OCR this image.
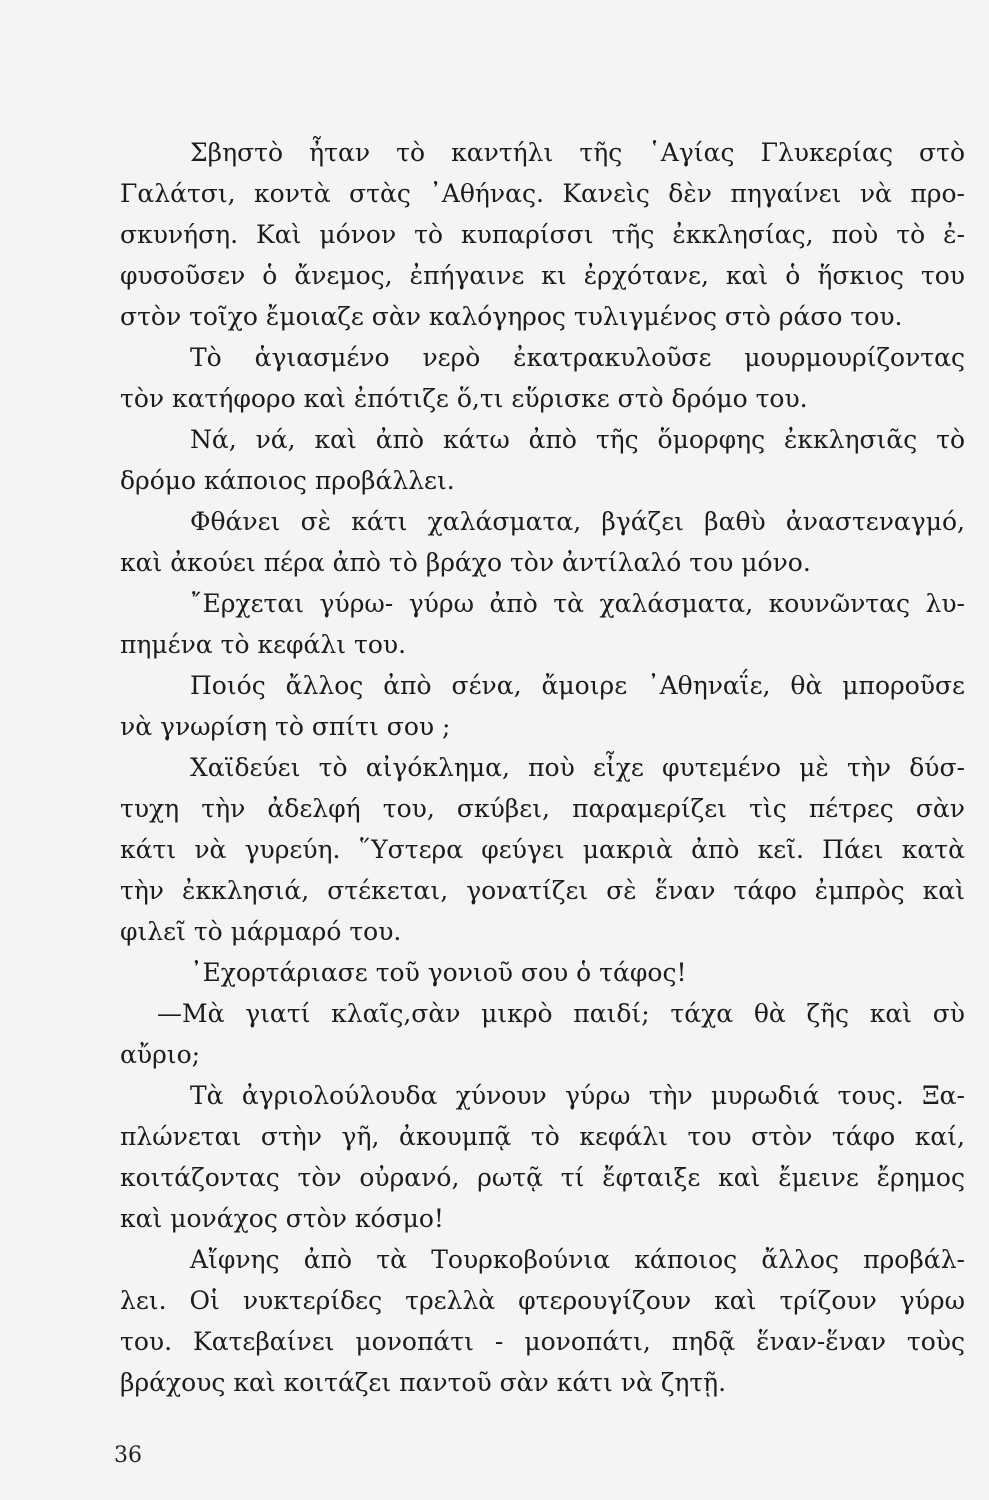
Σβηστὸ ἦταν τὸ καντήλι τῆς ῾Αγίας Γλυκερίας στὸ
Γαλάτσι, κοντὰ στὰς ᾿Αθήνας. Κανεὶς δὲν πηγαίνει νὰ προ-
σκυνήση. Καὶ μόνον τὸ κυπαρίσσι τῆς ἐκκλησίας, ποὺ τὸ ἐ-
φυσοῦσεν ὁ ἄνεμος, ἐπήγαινε κι ἐρχότανε, καὶ ὁ ἥσκιος του
στὸν τοῖχο ἔμοιαζε σὰν καλόγηρος τυλιγμένος στὸ ράσο του.

Τὸ ἁγιασμένο νερὸ ἐκατρακυλοῦσε μουρμουρίζοντας
τὸν κατήφορο καὶ ἐπότιζε ὅ,τι εὕρισκε στὸ δρόμο του.

Νά, νά, καὶ ἀπὸ κάτω ἀπὸ τῆς ὅμορφης ἐκκλησιᾶς τὸ
δρόμο κάποιος προβάλλει.

Φθάνει σὲ κάτι χαλάσματα, βγάζει βαθὺ ἀναστεναγμό,
καὶ ἀκούει πέρα ἀπὸ τὸ βράχο τὸν ἀντίλαλό του μόνο.

῎Ερχεται γύρω- γύρω ἀπὸ τὰ χαλάσματα, κουνῶντας λυ-
πημένα τὸ κεφάλι του.

Ποιός ἄλλος ἀπὸ σένα, ἄμοιρε ᾿Αθηναΐε, θὰ μποροῦσε
νὰ γνωρίση τὸ σπίτι σου ;

Χαϊδεύει τὸ αἰγόκλημα, ποὺ εἶχε φυτεμένο μὲ τὴν δύσ-
τυχη τὴν ἀδελφή του, σκύβει, παραμερίζει τὶς πέτρες σὰν
κάτι νὰ γυρεύη. ῞Υστερα φεύγει μακριὰ ἀπὸ κεῖ. Πάει κατὰ
τὴν ἐκκλησιά, στέκεται, γονατίζει σὲ ἕναν τάφο ἐμπρὸς καὶ
φιλεῖ τὸ μάρμαρό του.

᾿Εχορτάριασε τοῦ γονιοῦ σου ὁ τάφος!

—Μὰ γιατί κλαῖς,σὰν μικρὸ παιδί; τάχα θὰ ζῆς καὶ σὺ
αὔριο;

Τὰ ἀγριολούλουδα χύνουν γύρω τὴν μυρωδιά τους. Ξα-
πλώνεται στὴν γῆ, ἀκουμπᾷ τὸ κεφάλι του στὸν τάφο καί,
κοιτάζοντας τὸν οὐρανό, ρωτᾷ τί ἔφταιξε καὶ ἔμεινε ἔρημος
καὶ μονάχος στὸν κόσμο!

Αἴφνης ἀπὸ τὰ Τουρκοβούνια κάποιος ἄλλος προβάλ-
λει. Οἱ νυκτερίδες τρελλὰ φτερουγίζουν καὶ τρίζουν γύρω
του. Κατεβαίνει μονοπάτι - μονοπάτι, πηδᾷ ἕναν-ἕναν τοὺς
βράχους καὶ κοιτάζει παντοῦ σὰν κάτι νὰ ζητῇ.

36
